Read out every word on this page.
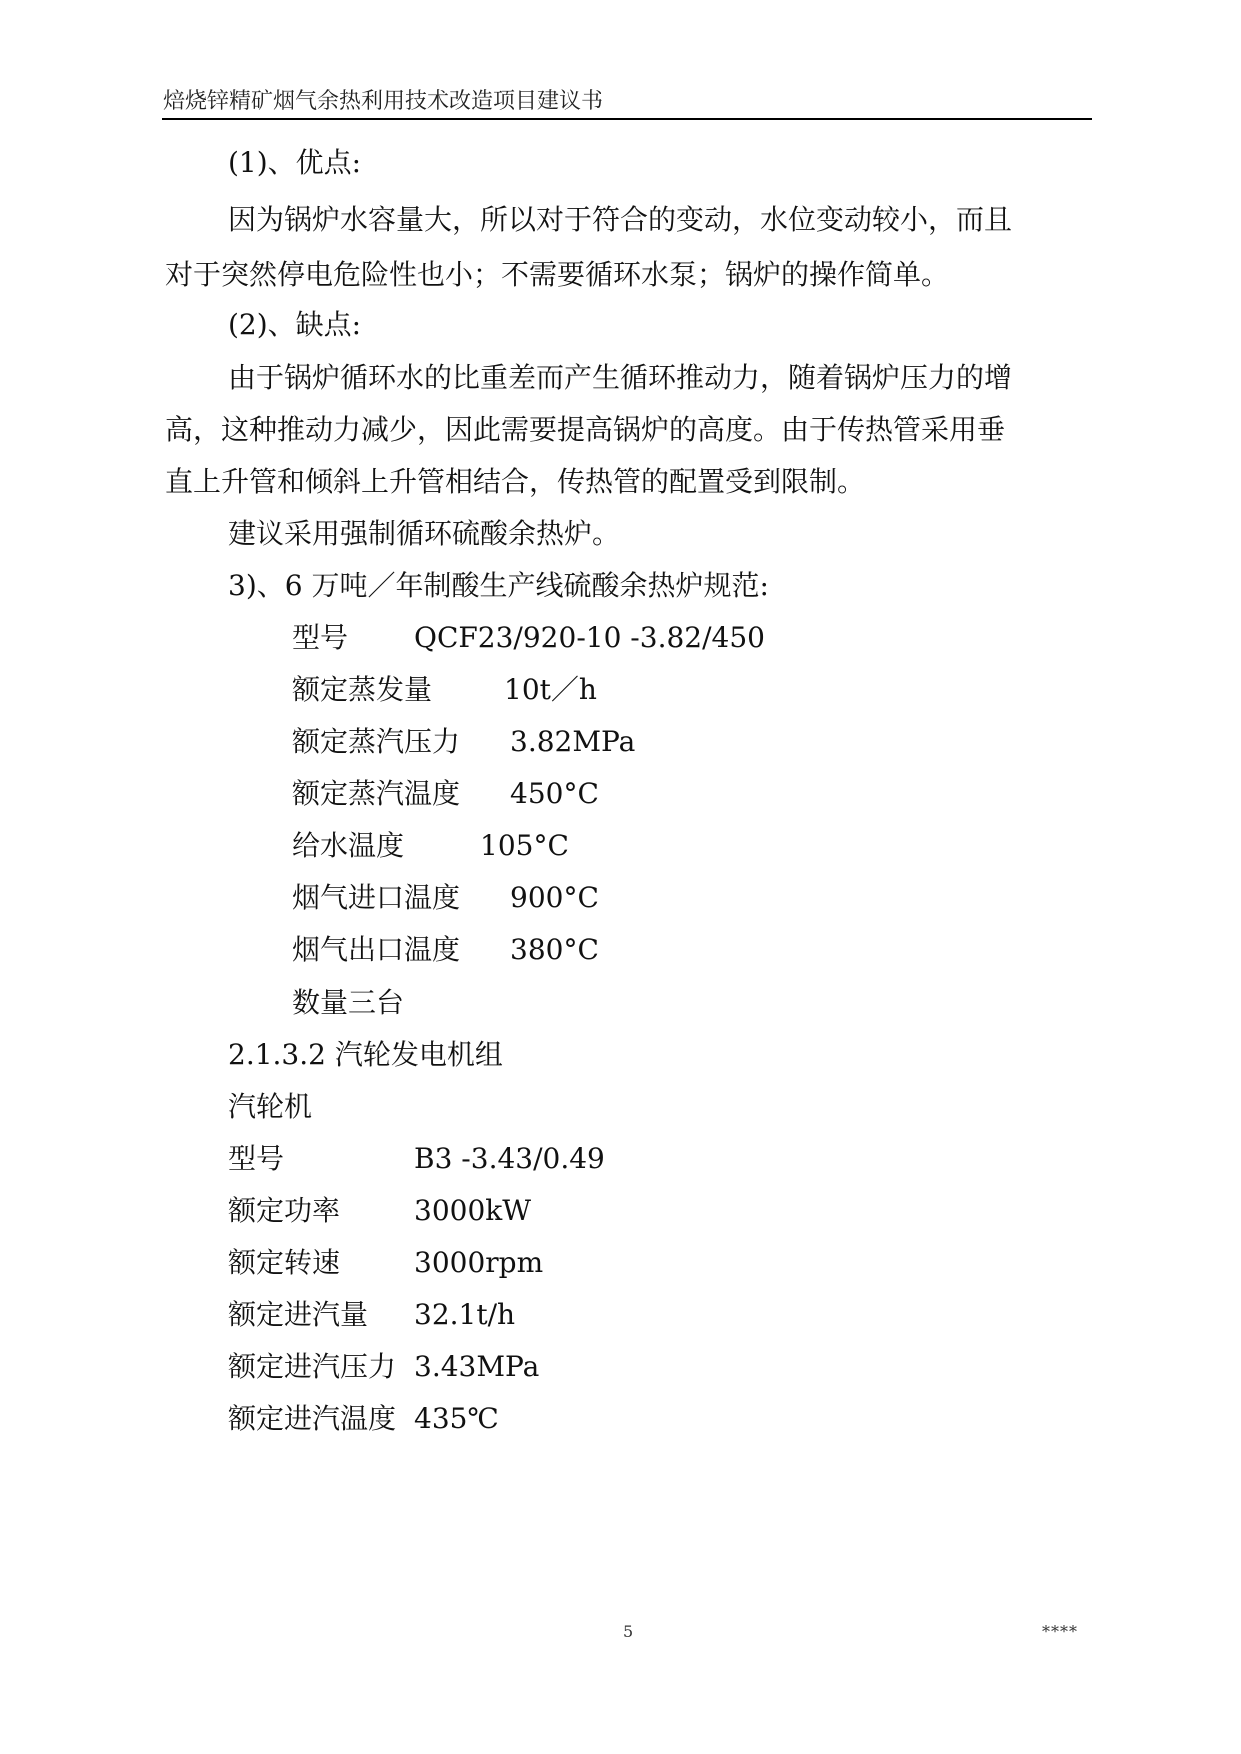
焙烧锌精矿烟气余热利用技术改造项目建议书
(1)、优点:
因为锅炉水容量大，所以对于符合的变动，水位变动较小，而且
对于突然停电危险性也小；不需要循环水泵；锅炉的操作简单。
(2)、缺点:
由于锅炉循环水的比重差而产生循环推动力，随着锅炉压力的增
高，这种推动力减少，因此需要提高锅炉的高度。由于传热管采用垂
直上升管和倾斜上升管相结合，传热管的配置受到限制。
建议采用强制循环硫酸余热炉。
3)、6 万吨／年制酸生产线硫酸余热炉规范:
型号 QCF23/920-10 -3.82/450
额定蒸发量	10t／h
额定蒸汽压力 3.82MPa
额定蒸汽温度 450°C
给水温度	105°C
烟气进口温度 900°C
烟气出口温度 380°C
数量三台
2.1.3.2 汽轮发电机组
汽轮机
型号	B3 -3.43/0.49
额定功率	3000kW
额定转速	3000rpm
额定进汽量 32.1t/h
额定进汽压力 3.43MPa
额定进汽温度 435℃
5	****
